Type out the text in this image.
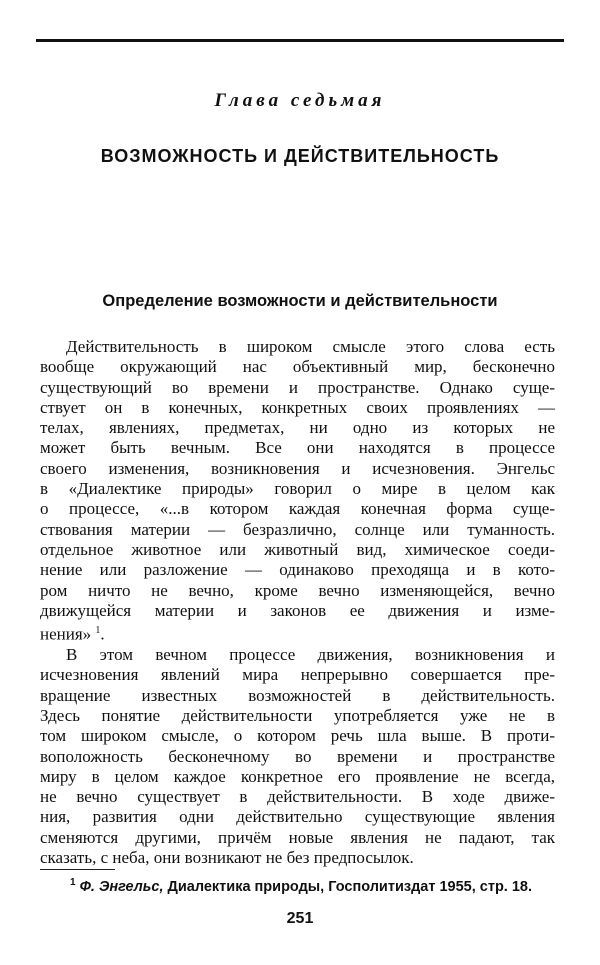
Глава седьмая
ВОЗМОЖНОСТЬ И ДЕЙСТВИТЕЛЬНОСТЬ
Определение возможности и действительности
Действительность в широком смысле этого слова есть
вообще окружающий нас объективный мир, бесконечно
существующий во времени и пространстве. Однако суще-
ствует он в конечных, конкретных своих проявлениях —
телах, явлениях, предметах, ни одно из которых не
может быть вечным. Все они находятся в процессе
своего изменения, возникновения и исчезновения. Энгельс
в «Диалектике природы» говорил о мире в целом как
о процессе, «...в котором каждая конечная форма суще-
ствования материи — безразлично, солнце или туманность.
отдельное животное или животный вид, химическое соеди-
нение или разложение — одинаково преходяща и в кото-
ром ничто не вечно, кроме вечно изменяющейся, вечно
движущейся материи и законов ее движения и изме-
нения» $^1$.
В этом вечном процессе движения, возникновения и
исчезновения явлений мира непрерывно совершается пре-
вращение известных возможностей в действительность.
Здесь понятие действительности употребляется уже не в
том широком смысле, о котором речь шла выше. В проти-
воположность бесконечному во времени и пространстве
миру в целом каждое конкретное его проявление не всегда,
не вечно существует в действительности. В ходе движе-
ния, развития одни действительно существующие явления
сменяются другими, причём новые явления не падают, так
сказать, с неба, они возникают не без предпосылок.
$^1$ Ф. Энгельс, Диалектика природы, Госполитиздат 1955, стр. 18.
251
